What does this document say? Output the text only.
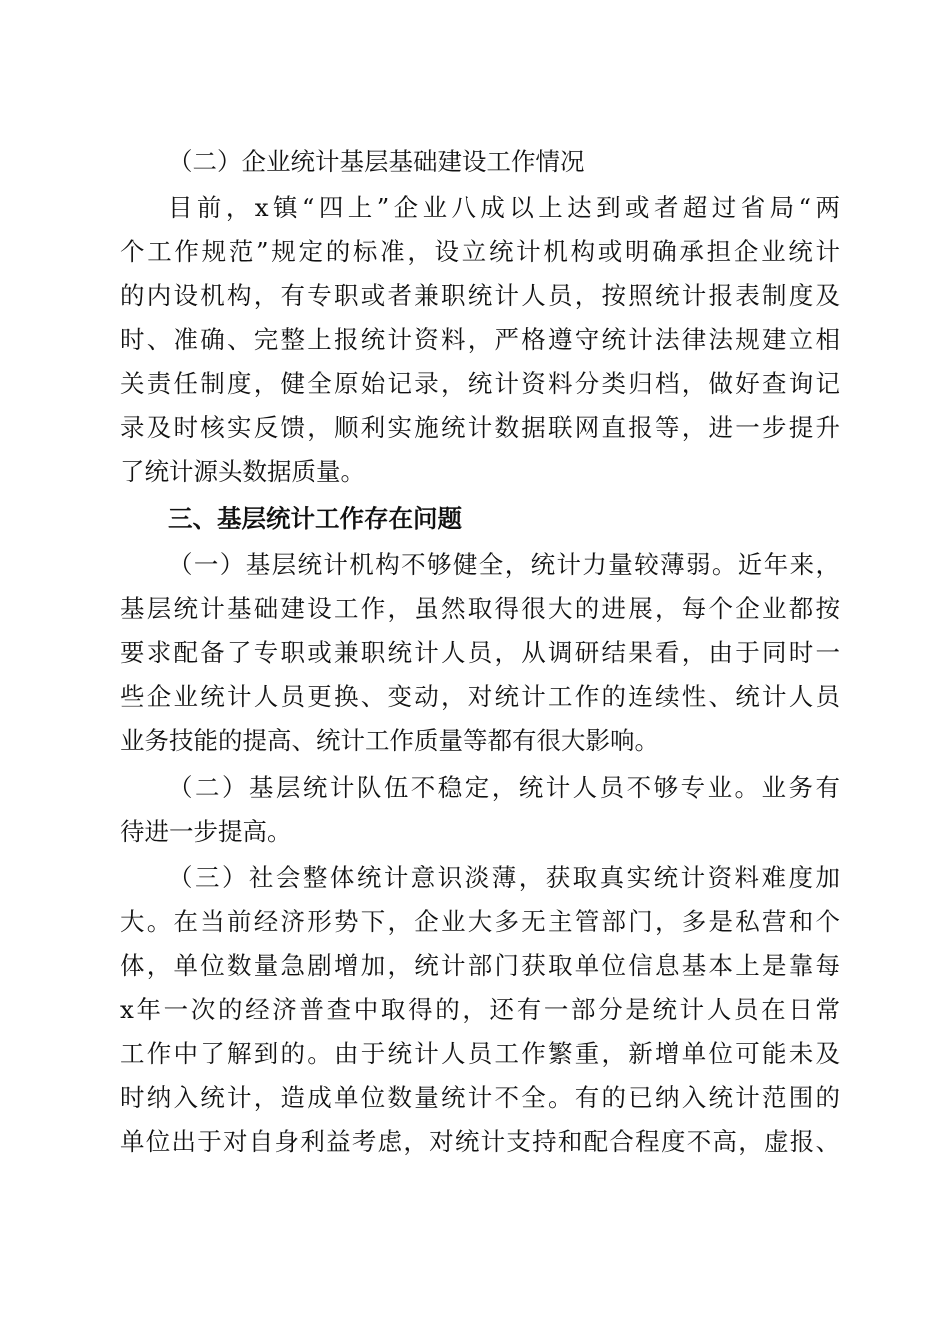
（二）企业统计基层基础建设工作情况
目前，x镇“四上”企业八成以上达到或者超过省局“两
个工作规范”规定的标准，设立统计机构或明确承担企业统计
的内设机构，有专职或者兼职统计人员，按照统计报表制度及
时、准确、完整上报统计资料，严格遵守统计法律法规建立相
关责任制度，健全原始记录，统计资料分类归档，做好查询记
录及时核实反馈，顺利实施统计数据联网直报等，进一步提升
了统计源头数据质量。
三、基层统计工作存在问题
（一）基层统计机构不够健全，统计力量较薄弱。近年来，
基层统计基础建设工作，虽然取得很大的进展，每个企业都按
要求配备了专职或兼职统计人员，从调研结果看，由于同时一
些企业统计人员更换、变动，对统计工作的连续性、统计人员
业务技能的提高、统计工作质量等都有很大影响。
（二）基层统计队伍不稳定，统计人员不够专业。业务有
待进一步提高。
（三）社会整体统计意识淡薄，获取真实统计资料难度加
大。在当前经济形势下，企业大多无主管部门，多是私营和个
体，单位数量急剧增加，统计部门获取单位信息基本上是靠每
x年一次的经济普查中取得的，还有一部分是统计人员在日常
工作中了解到的。由于统计人员工作繁重，新增单位可能未及
时纳入统计，造成单位数量统计不全。有的已纳入统计范围的
单位出于对自身利益考虑，对统计支持和配合程度不高，虚报、
